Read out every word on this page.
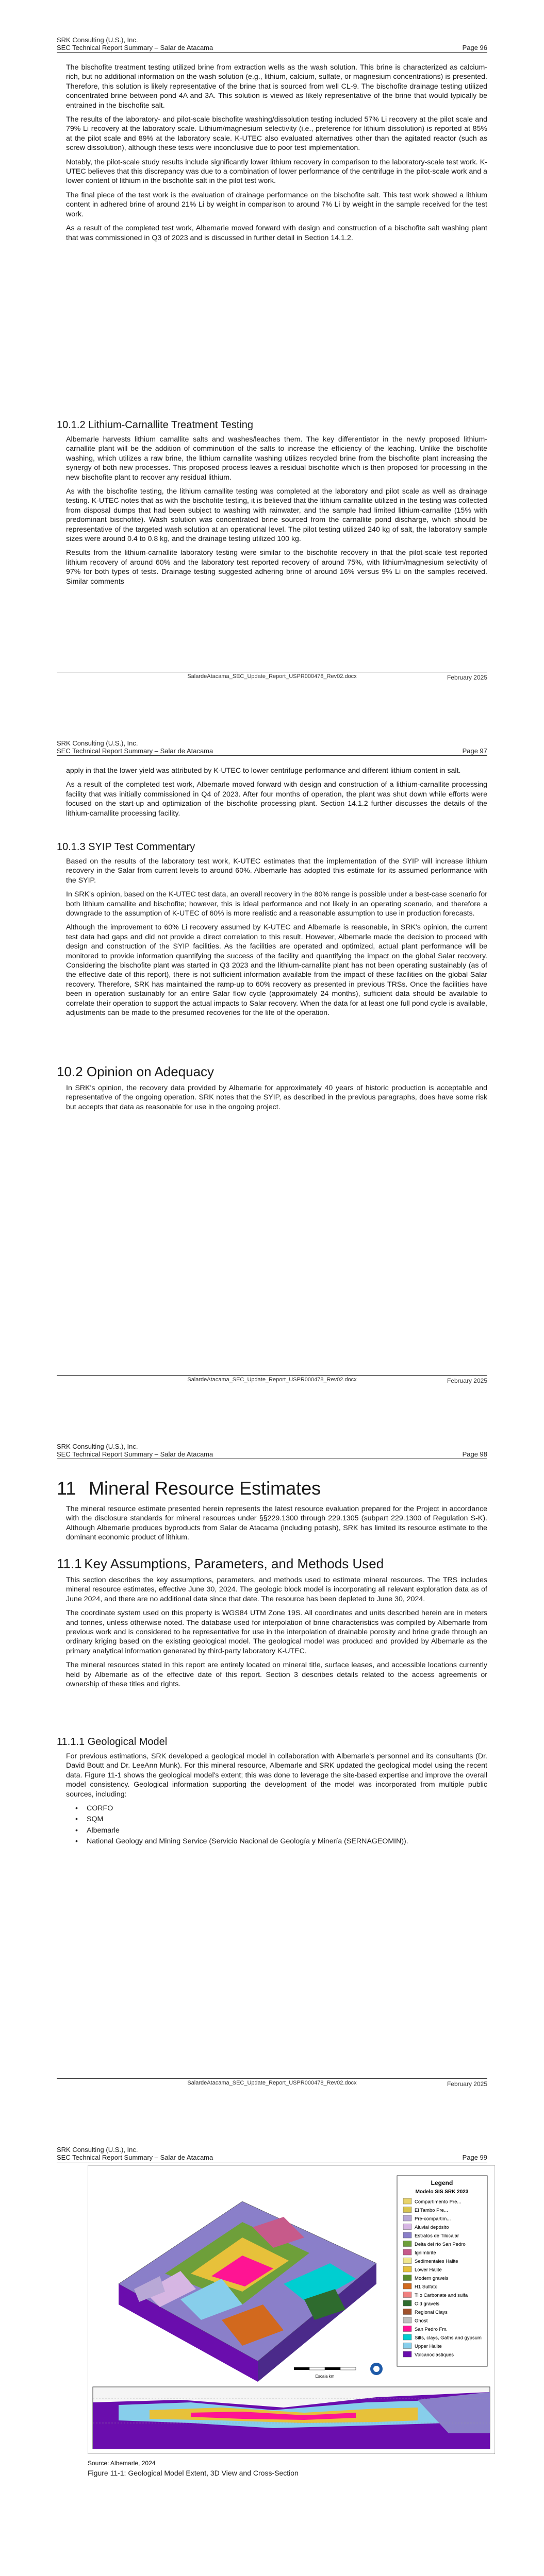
SRK Consulting (U.S.), Inc.
SEC Technical Report Summary – Salar de Atacama	Page 96

The bischofite treatment testing utilized brine from extraction wells as the wash solution. This brine is characterized as calcium-rich, but no additional information on the wash solution (e.g., lithium, calcium, sulfate, or magnesium concentrations) is presented. Therefore, this solution is likely representative of the brine that is sourced from well CL-9. The bischofite drainage testing utilized concentrated brine between pond 4A and 3A. This solution is viewed as likely representative of the brine that would typically be entrained in the bischofite salt.

The results of the laboratory- and pilot-scale bischofite washing/dissolution testing included 57% Li recovery at the pilot scale and 79% Li recovery at the laboratory scale. Lithium/magnesium selectivity (i.e., preference for lithium dissolution) is reported at 85% at the pilot scale and 89% at the laboratory scale. K-UTEC also evaluated alternatives other than the agitated reactor (such as screw dissolution), although these tests were inconclusive due to poor test implementation.

Notably, the pilot-scale study results include significantly lower lithium recovery in comparison to the laboratory-scale test work. K-UTEC believes that this discrepancy was due to a combination of lower performance of the centrifuge in the pilot-scale work and a lower content of lithium in the bischofite salt in the pilot test work.

The final piece of the test work is the evaluation of drainage performance on the bischofite salt. This test work showed a lithium content in adhered brine of around 21% Li by weight in comparison to around 7% Li by weight in the sample received for the test work.

As a result of the completed test work, Albemarle moved forward with design and construction of a bischofite salt washing plant that was commissioned in Q3 of 2023 and is discussed in further detail in Section 14.1.2.

10.1.2 Lithium-Carnallite Treatment Testing

Albemarle harvests lithium carnallite salts and washes/leaches them. The key differentiator in the newly proposed lithium-carnallite plant will be the addition of comminution of the salts to increase the efficiency of the leaching. Unlike the bischofite washing, which utilizes a raw brine, the lithium carnallite washing utilizes recycled brine from the bischofite plant increasing the synergy of both new processes. This proposed process leaves a residual bischofite which is then proposed for processing in the new bischofite plant to recover any residual lithium.

As with the bischofite testing, the lithium carnallite testing was completed at the laboratory and pilot scale as well as drainage testing. K-UTEC notes that as with the bischofite testing, it is believed that the lithium carnallite utilized in the testing was collected from disposal dumps that had been subject to washing with rainwater, and the sample had limited lithium-carnallite (15% with predominant bischofite). Wash solution was concentrated brine sourced from the carnallite pond discharge, which should be representative of the targeted wash solution at an operational level. The pilot testing utilized 240 kg of salt, the laboratory sample sizes were around 0.4 to 0.8 kg, and the drainage testing utilized 100 kg.

Results from the lithium-carnallite laboratory testing were similar to the bischofite recovery in that the pilot-scale test reported lithium recovery of around 60% and the laboratory test reported recovery of around 75%, with lithium/magnesium selectivity of 97% for both types of tests. Drainage testing suggested adhering brine of around 16% versus 9% Li on the samples received. Similar comments

SalardeAtacama_SEC_Update_Report_USPR000478_Rev02.docx	February 2025
SRK Consulting (U.S.), Inc.
SEC Technical Report Summary – Salar de Atacama	Page 97

apply in that the lower yield was attributed by K-UTEC to lower centrifuge performance and different lithium content in salt.

As a result of the completed test work, Albemarle moved forward with design and construction of a lithium-carnallite processing facility that was initially commissioned in Q4 of 2023. After four months of operation, the plant was shut down while efforts were focused on the start-up and optimization of the bischofite processing plant. Section 14.1.2 further discusses the details of the lithium-carnallite processing facility.

10.1.3 SYIP Test Commentary

Based on the results of the laboratory test work, K-UTEC estimates that the implementation of the SYIP will increase lithium recovery in the Salar from current levels to around 60%. Albemarle has adopted this estimate for its assumed performance with the SYIP.

In SRK's opinion, based on the K-UTEC test data, an overall recovery in the 80% range is possible under a best-case scenario for both lithium carnallite and bischofite; however, this is ideal performance and not likely in an operating scenario, and therefore a downgrade to the assumption of K-UTEC of 60% is more realistic and a reasonable assumption to use in production forecasts.

Although the improvement to 60% Li recovery assumed by K-UTEC and Albemarle is reasonable, in SRK's opinion, the current test data had gaps and did not provide a direct correlation to this result. However, Albemarle made the decision to proceed with design and construction of the SYIP facilities. As the facilities are operated and optimized, actual plant performance will be monitored to provide information quantifying the success of the facility and quantifying the impact on the global Salar recovery. Considering the bischofite plant was started in Q3 2023 and the lithium-carnallite plant has not been operating sustainably (as of the effective date of this report), there is not sufficient information available from the impact of these facilities on the global Salar recovery. Therefore, SRK has maintained the ramp-up to 60% recovery as presented in previous TRSs. Once the facilities have been in operation sustainably for an entire Salar flow cycle (approximately 24 months), sufficient data should be available to correlate their operation to support the actual impacts to Salar recovery. When the data for at least one full pond cycle is available, adjustments can be made to the presumed recoveries for the life of the operation.

10.2 Opinion on Adequacy

In SRK's opinion, the recovery data provided by Albemarle for approximately 40 years of historic production is acceptable and representative of the ongoing operation. SRK notes that the SYIP, as described in the previous paragraphs, does have some risk but accepts that data as reasonable for use in the ongoing project.

SalardeAtacama_SEC_Update_Report_USPR000478_Rev02.docx	February 2025
SRK Consulting (U.S.), Inc.
SEC Technical Report Summary – Salar de Atacama	Page 98
11 Mineral Resource Estimates

The mineral resource estimate presented herein represents the latest resource evaluation prepared for the Project in accordance with the disclosure standards for mineral resources under §§229.1300 through 229.1305 (subpart 229.1300 of Regulation S-K). Although Albemarle produces byproducts from Salar de Atacama (including potash), SRK has limited its resource estimate to the dominant economic product of lithium.

11.1 Key Assumptions, Parameters, and Methods Used

This section describes the key assumptions, parameters, and methods used to estimate mineral resources. The TRS includes mineral resource estimates, effective June 30, 2024. The geologic block model is incorporating all relevant exploration data as of June 2024, and there are no additional data since that date. The resource has been depleted to June 30, 2024.

The coordinate system used on this property is WGS84 UTM Zone 19S. All coordinates and units described herein are in meters and tonnes, unless otherwise noted. The database used for interpolation of brine characteristics was compiled by Albemarle from previous work and is considered to be representative for use in the interpolation of drainable porosity and brine grade through an ordinary kriging based on the existing geological model. The geological model was produced and provided by Albemarle as the primary analytical information generated by third-party laboratory K-UTEC.

The mineral resources stated in this report are entirely located on mineral title, surface leases, and accessible locations currently held by Albemarle as of the effective date of this report. Section 3 describes details related to the access agreements or ownership of these titles and rights.

11.1.1 Geological Model

For previous estimations, SRK developed a geological model in collaboration with Albemarle's personnel and its consultants (Dr. David Boutt and Dr. LeeAnn Munk). For this mineral resource, Albemarle and SRK updated the geological model using the recent data. Figure 11-1 shows the geological model's extent; this was done to leverage the site-based expertise and improve the overall model consistency. Geological information supporting the development of the model was incorporated from multiple public sources, including:

• CORFO
• SQM
• Albemarle
• National Geology and Mining Service (Servicio Nacional de Geología y Minería (SERNAGEOMIN)).
SalardeAtacama_SEC_Update_Report_USPR000478_Rev02.docx	February 2025
SRK Consulting (U.S.), Inc.
SEC Technical Report Summary – Salar de Atacama	Page 99
Escala km
Legend
Modelo SIS SRK 2023
Compartimento Pre...
El Tambo Pre...
Pre-compartim...
Aluvial depósito
Estratos de Tilocalar
Delta del río San Pedro
Ignimbrite
Sedimentales Halite
Lower Halite
Modern gravels
H1 Sulfato
Tilo Carbonate and sulfa
Old gravels
Regional Clays
Ghost
San Pedro Fm.
Silts, clays, Gaths and gypsum
Upper Halite
Volcanoclastiques
Source: Albemarle, 2024
Figure 11-1: Geological Model Extent, 3D View and Cross-Section
